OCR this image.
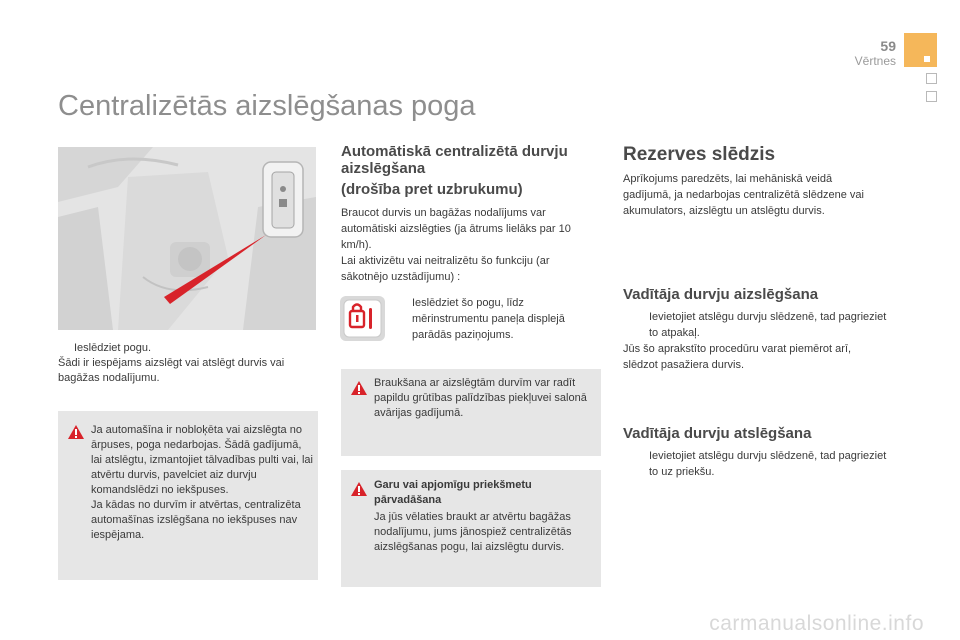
59
Vērtnes
Centralizētās aizslēgšanas poga
Ieslēdziet pogu.
Šādi ir iespējams aizslēgt vai atslēgt durvis vai bagāžas nodalījumu.
Ja automašīna ir nobloķēta vai aizslēgta no ārpuses, poga nedarbojas. Šādā gadījumā, lai atslēgtu, izmantojiet tālvadības pulti vai, lai atvērtu durvis, pavelciet aiz durvju komandslēdzi no iekšpuses.
Ja kādas no durvīm ir atvērtas, centralizēta automašīnas izslēgšana no iekšpuses nav iespējama.
Automātiskā centralizētā durvju
aizslēgšana
(drošība pret uzbrukumu)
Braucot durvis un bagāžas nodalījums var automātiski aizslēgties (ja ātrums lielāks par 10 km/h).
Lai aktivizētu vai neitralizētu šo funkciju (ar sākotnējo uzstādījumu) :
Ieslēdziet šo pogu, līdz mērinstrumentu paneļa displejā parādās paziņojums.
Braukšana ar aizslēgtām durvīm var radīt papildu grūtības palīdzības piekļuvei salonā avārijas gadījumā.
Garu vai apjomīgu priekšmetu pārvadāšana
Ja jūs vēlaties braukt ar atvērtu bagāžas nodalījumu, jums jānospiež centralizētās aizslēgšanas pogu, lai aizslēgtu durvis.
Rezerves slēdzis
Aprīkojums paredzēts, lai mehāniskā veidā gadījumā, ja nedarbojas centralizētā slēdzene vai akumulators, aizslēgtu un atslēgtu durvis.
Vadītāja durvju aizslēgšana
Ievietojiet atslēgu durvju slēdzenē, tad pagrieziet to atpakaļ.
Jūs šo aprakstīto procedūru varat piemērot arī, slēdzot pasažiera durvis.
Vadītāja durvju atslēgšana
Ievietojiet atslēgu durvju slēdzenē, tad pagrieziet to uz priekšu.
carmanualsonline.info
